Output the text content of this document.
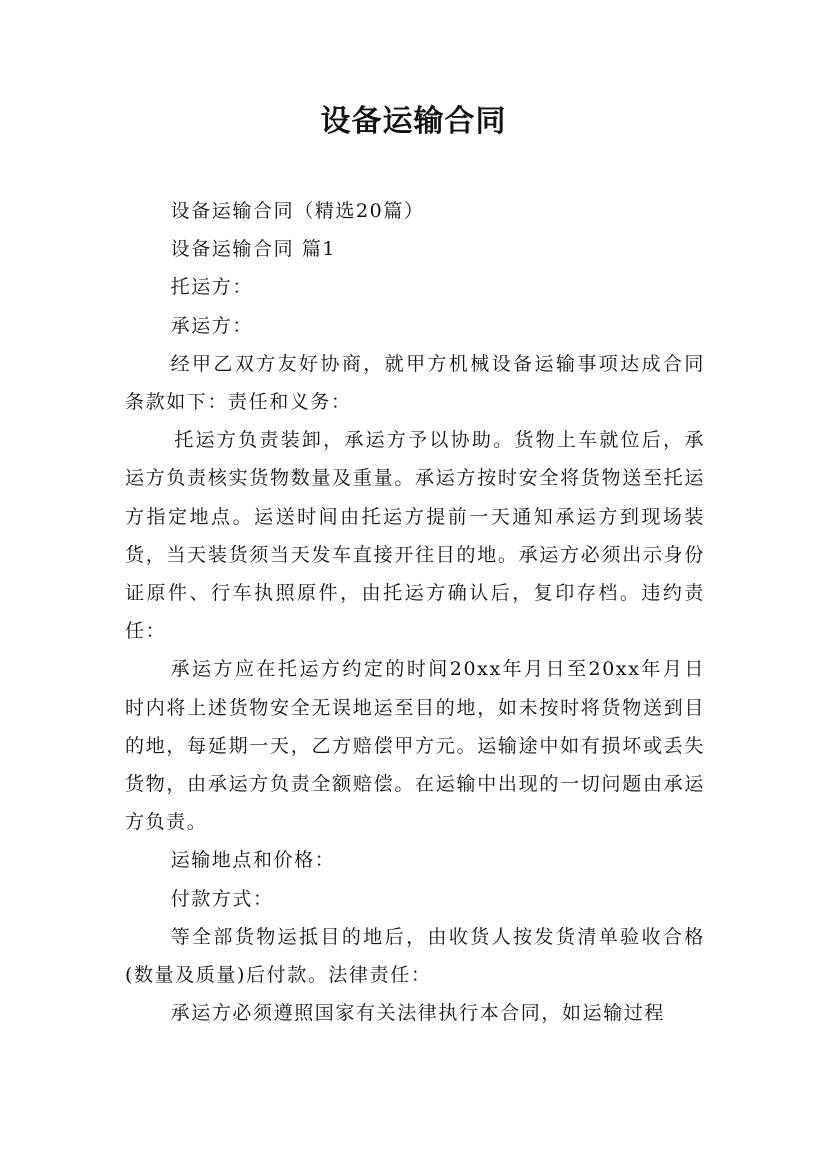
设备运输合同

设备运输合同（精选20篇）

设备运输合同 篇1

托运方：

承运方：

经甲乙双方友好协商，就甲方机械设备运输事项达成合同条款如下：责任和义务：

托运方负责装卸，承运方予以协助。货物上车就位后，承运方负责核实货物数量及重量。承运方按时安全将货物送至托运方指定地点。运送时间由托运方提前一天通知承运方到现场装货，当天装货须当天发车直接开往目的地。承运方必须出示身份证原件、行车执照原件，由托运方确认后，复印存档。违约责任：

承运方应在托运方约定的时间20xx年月日至20xx年月日时内将上述货物安全无误地运至目的地，如未按时将货物送到目的地，每延期一天，乙方赔偿甲方元。运输途中如有损坏或丢失货物，由承运方负责全额赔偿。在运输中出现的一切问题由承运方负责。

运输地点和价格：

付款方式：

等全部货物运抵目的地后，由收货人按发货清单验收合格(数量及质量)后付款。法律责任：

承运方必须遵照国家有关法律执行本合同，如运输过程
